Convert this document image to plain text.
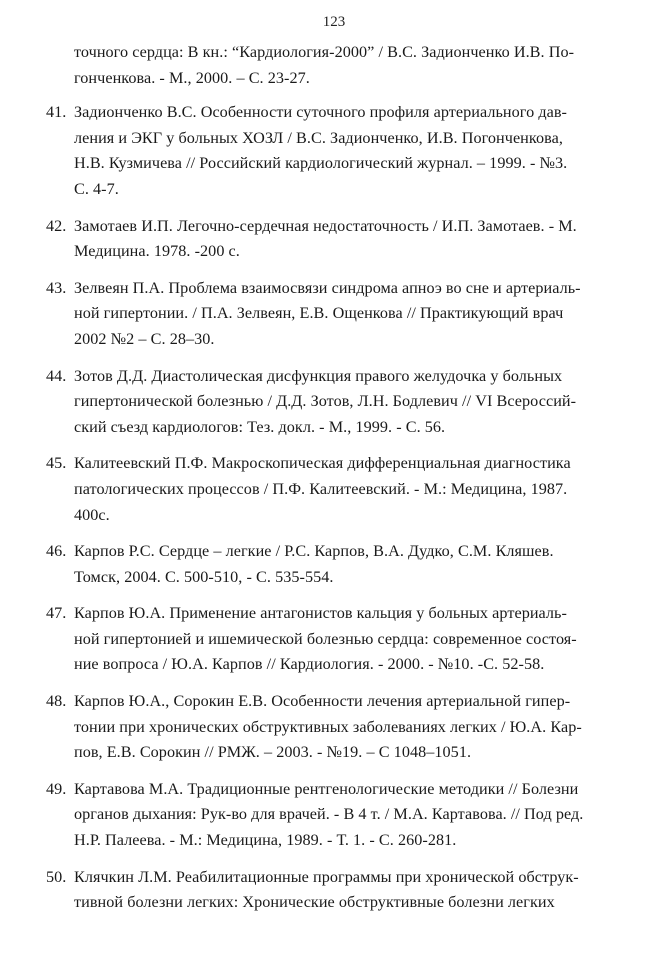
123
точного сердца: В кн.: “Кардиология-2000” / В.С. Задионченко И.В. По-
гонченкова. - М., 2000. – С. 23-27.
41. Задионченко В.С. Особенности суточного профиля артериального дав-
ления и ЭКГ у больных ХОЗЛ / В.С. Задионченко, И.В. Погонченкова,
Н.В. Кузмичева // Российский кардиологический журнал. – 1999. - №3.
С. 4-7.
42. Замотаев И.П. Легочно-сердечная недостаточность / И.П. Замотаев. - М.
Медицина. 1978. -200 с.
43. Зелвеян П.А. Проблема взаимосвязи синдрома апноэ во сне и артериаль-
ной гипертонии. / П.А. Зелвеян, Е.В. Ощенкова // Практикующий врач
2002 №2 – С. 28–30.
44. Зотов Д.Д. Диастолическая дисфункция правого желудочка у больных
гипертонической болезнью / Д.Д. Зотов, Л.Н. Бодлевич // VI Всероссий-
ский съезд кардиологов: Тез. докл. - М., 1999. - С. 56.
45. Калитеевский П.Ф. Макроскопическая дифференциальная диагностика
патологических процессов / П.Ф. Калитеевский. - М.: Медицина, 1987.
400с.
46. Карпов Р.С. Сердце – легкие / Р.С. Карпов, В.А. Дудко, С.М. Кляшев.
Томск, 2004. С. 500-510, - С. 535-554.
47. Карпов Ю.А. Применение антагонистов кальция у больных артериаль-
ной гипертонией и ишемической болезнью сердца: современное состоя-
ние вопроса / Ю.А. Карпов // Кардиология. - 2000. - №10. -С. 52-58.
48. Карпов Ю.А., Сорокин Е.В. Особенности лечения артериальной гипер-
тонии при хронических обструктивных заболеваниях легких / Ю.А. Кар-
пов, Е.В. Сорокин // РМЖ. – 2003. - №19. – С 1048–1051.
49. Картавова М.А. Традиционные рентгенологические методики // Болезни
органов дыхания: Рук-во для врачей. - В 4 т. / М.А. Картавова. // Под ред.
Н.Р. Палеева. - М.: Медицина, 1989. - Т. 1. - С. 260-281.
50. Клячкин Л.М. Реабилитационные программы при хронической обструк-
тивной болезни легких: Хронические обструктивные болезни легких
